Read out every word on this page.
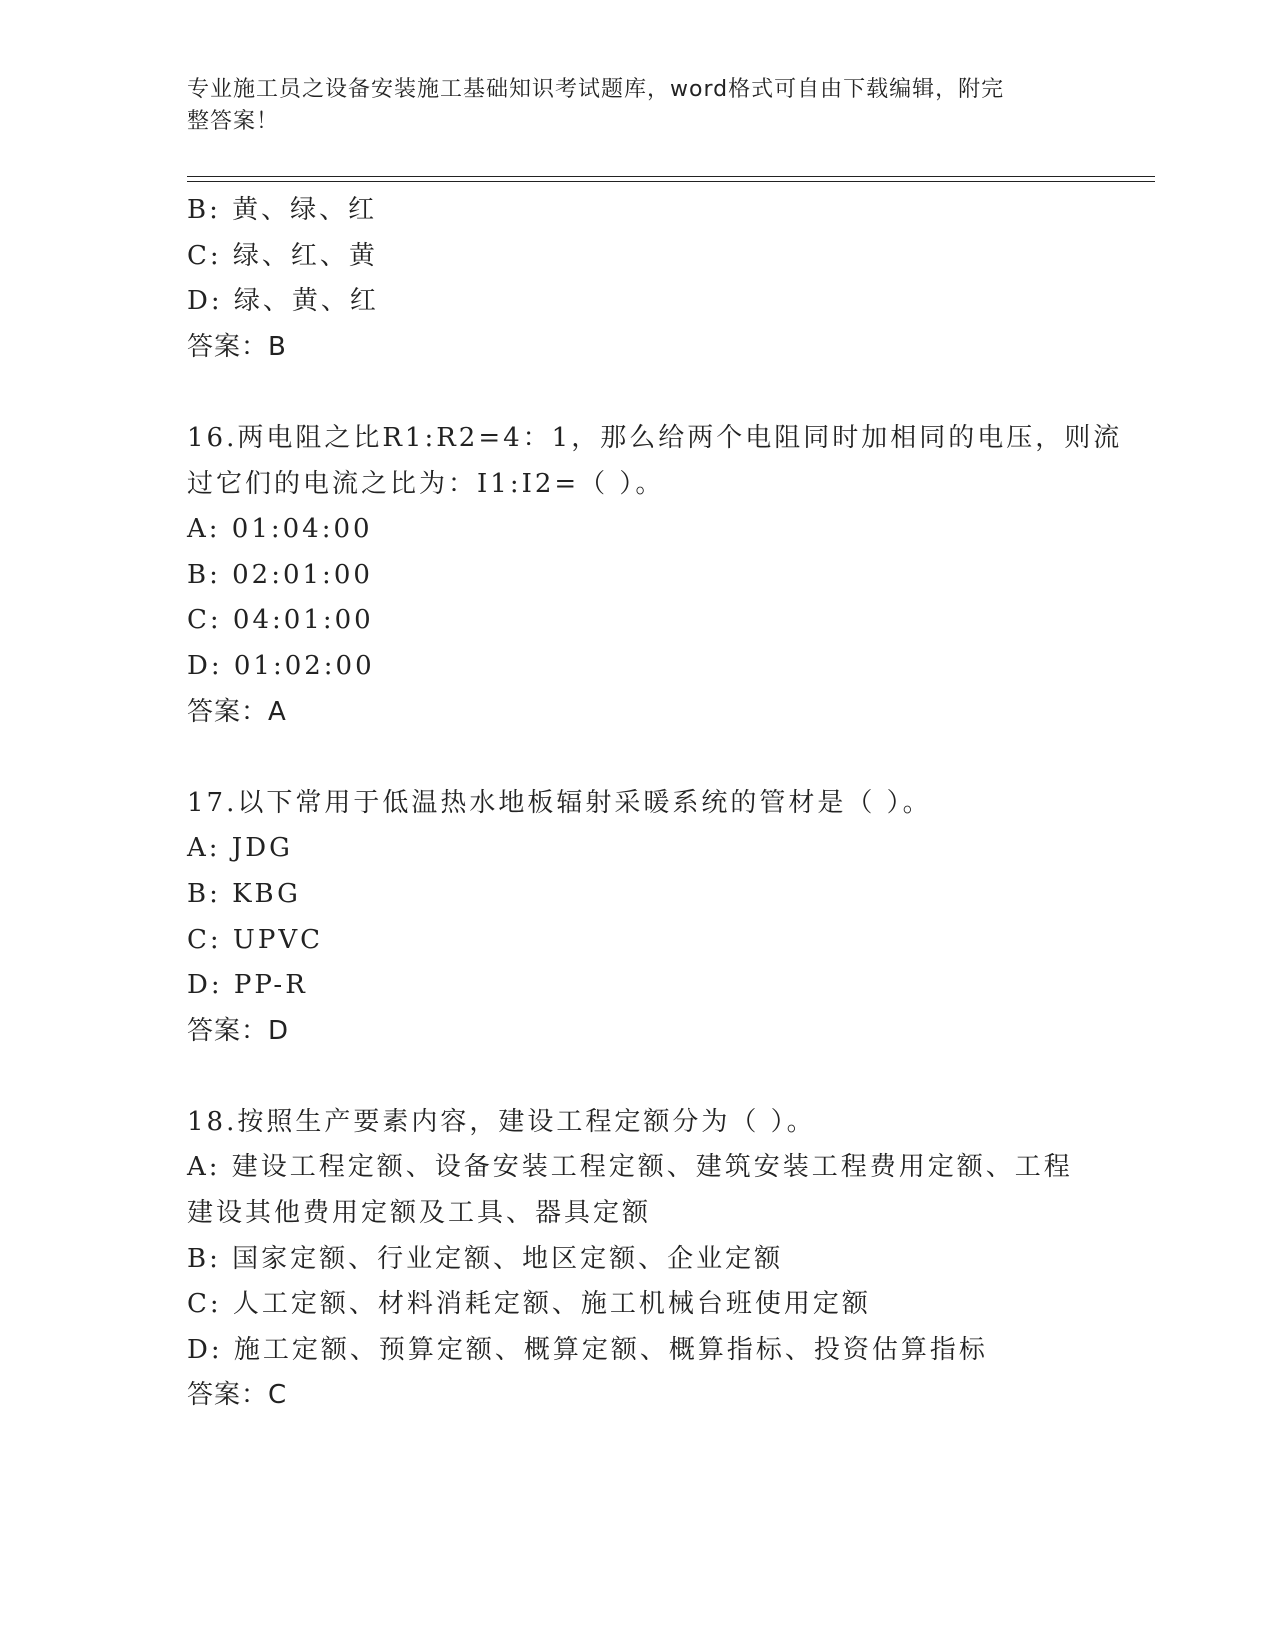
专业施工员之设备安装施工基础知识考试题库，word格式可自由下载编辑，附完
整答案！
B: 黄、绿、红
C: 绿、红、黄
D: 绿、黄、红
答案：B
16.两电阻之比R1:R2=4：1，那么给两个电阻同时加相同的电压，则流
过它们的电流之比为：I1:I2=（ ）。
A: 01:04:00
B: 02:01:00
C: 04:01:00
D: 01:02:00
答案：A
17.以下常用于低温热水地板辐射采暖系统的管材是（ ）。
A: JDG
B: KBG
C: UPVC
D: PP-R
答案：D
18.按照生产要素内容，建设工程定额分为（ ）。
A: 建设工程定额、设备安装工程定额、建筑安装工程费用定额、工程
建设其他费用定额及工具、器具定额
B: 国家定额、行业定额、地区定额、企业定额
C: 人工定额、材料消耗定额、施工机械台班使用定额
D: 施工定额、预算定额、概算定额、概算指标、投资估算指标
答案：C
